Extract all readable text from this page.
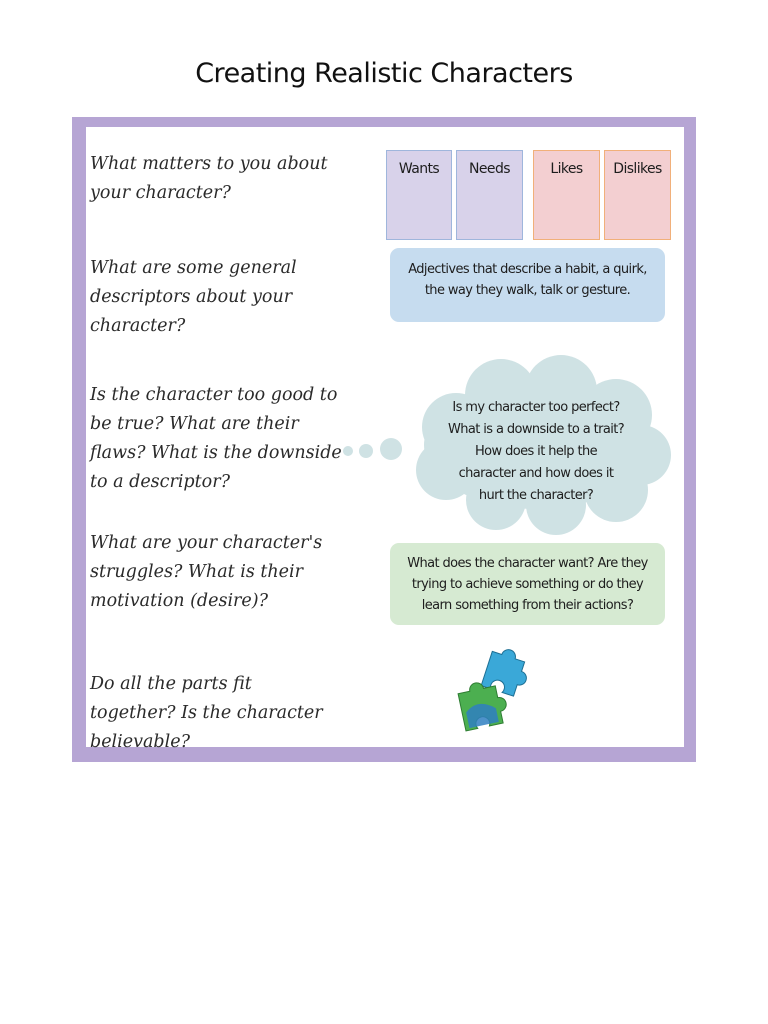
Creating Realistic Characters
What matters to you about your character?
What are some general descriptors about your character?
Is the character too good to be true? What are their flaws? What is the downside to a descriptor?
What are your character's struggles? What is their motivation (desire)?
Do all the parts fit together? Is the character believable?
Wants	Needs	Likes	Dislikes
Adjectives that describe a habit, a quirk, the way they walk, talk or gesture.
Is my character too perfect? What is a downside to a trait? How does it help the character and how does it hurt the character?
What does the character want? Are they trying to achieve something or do they learn something from their actions?
